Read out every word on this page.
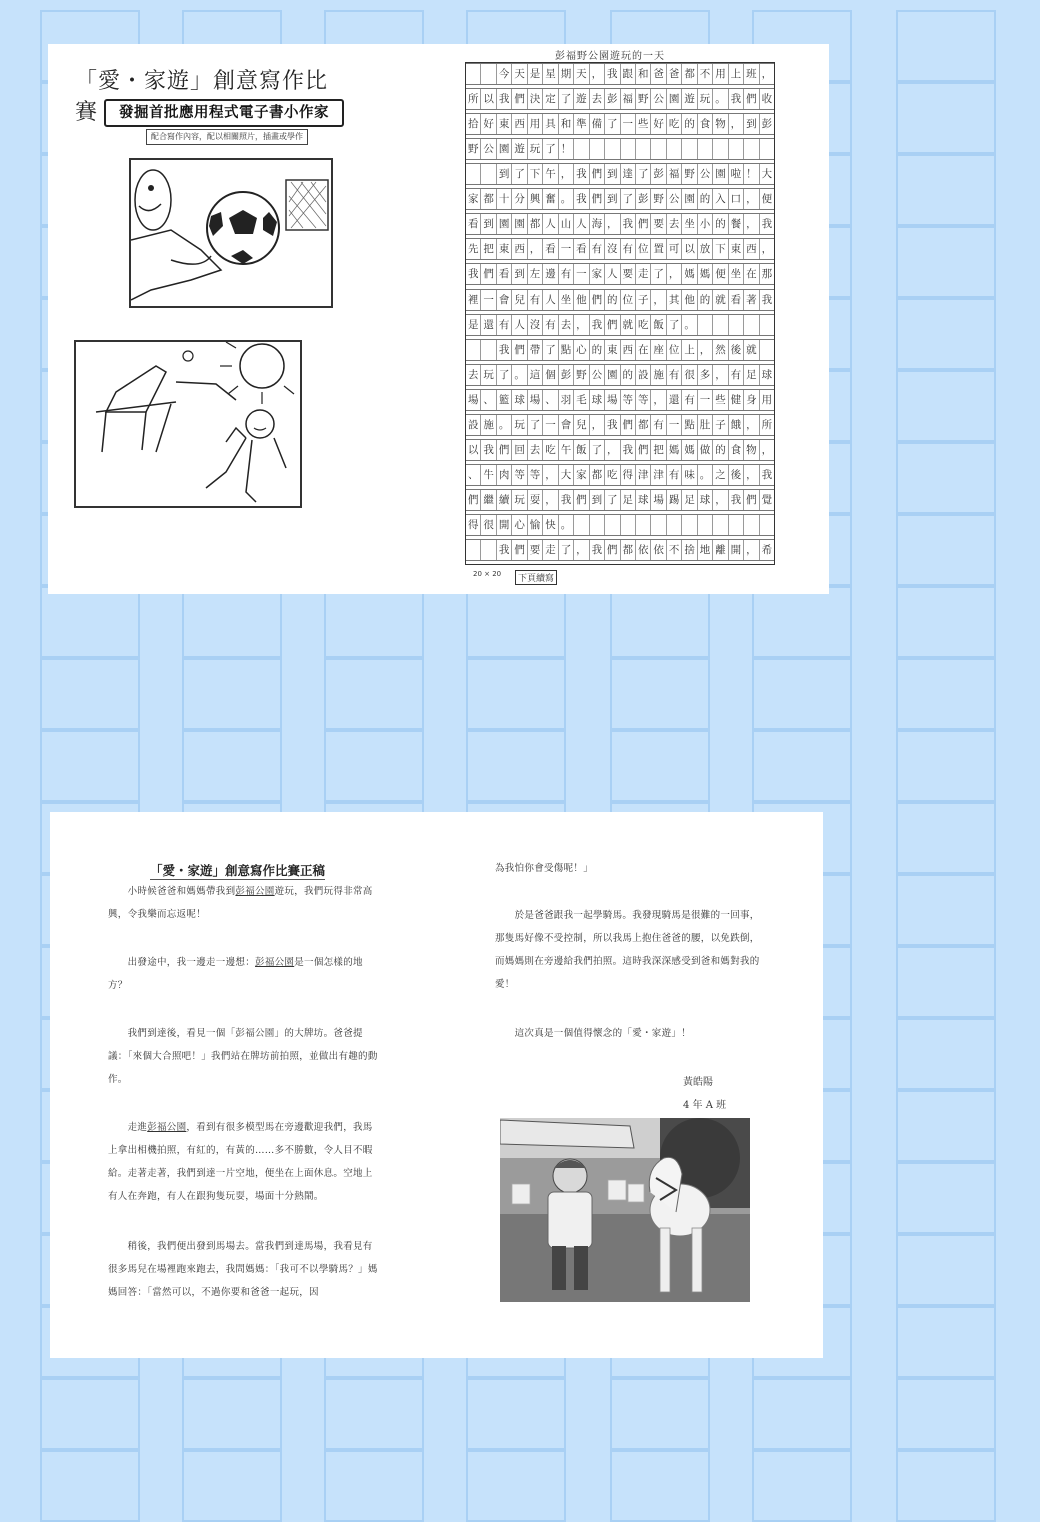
「愛・家遊」創意寫作比賽	發掘首批應用程式電子書小作家
配合寫作內容，配以相關照片，插畫或學作
彭福野公園遊玩的一天
今 天 是 星 期 天 ， 我 跟 和 爸 爸 都 不 用 上 班 ，
所 以 我 們 決 定 了 遊 去 彭 福 野 公 園 遊 玩 。 我 們 收
拾 好 東 西 用 具 和 準 備 了 一 些 好 吃 的 食 物 ， 到 彭
野 公 園 遊 玩 了 ！
到 了 下 午 ， 我 們 到 達 了 彭 福 野 公 園 啦 ！ 大
家 都 十 分 興 奮 。 我 們 到 了 彭 野 公 園 的 入 口 ， 便
看 到 園 園 都 人 山 人 海 ， 我 們 要 去 坐 小 的 餐 ， 我
先 把 東 西 ， 看 一 看 有 沒 有 位 置 可 以 放 下 東 西 ，
我 們 看 到 左 邊 有 一 家 人 要 走 了 ， 媽 媽 便 坐 在 那
裡 一 會 兒 有 人 坐 他 們 的 位 子 ， 其 他 的 就 看 著 我
是 還 有 人 沒 有 去 ， 我 們 就 吃 飯 了 。
我 們 帶 了 點 心 的 東 西 在 座 位 上 ， 然 後 就
去 玩 了 。 這 個 彭 野 公 園 的 設 施 有 很 多 ， 有 足 球
場 、 籃 球 場 、 羽 毛 球 場 等 等 ， 還 有 一 些 健 身 用
設 施 。 玩 了 一 會 兒 ， 我 們 都 有 一 點 肚 子 餓 ， 所
以 我 們 回 去 吃 午 飯 了 ， 我 們 把 媽 媽 做 的 食 物 ，
、 牛 肉 等 等 ， 大 家 都 吃 得 津 津 有 味 。 之 後 ， 我
們 繼 續 玩 耍 ， 我 們 到 了 足 球 場 踢 足 球 ， 我 們 覺
得 很 開 心 愉 快 。
我 們 要 走 了 ， 我 們 都 依 依 不 捨 地 離 開 ， 希
20 × 20	下頁續寫
「愛・家遊」創意寫作比賽正稿
　　小時候爸爸和媽媽帶我到彭福公園遊玩，我們玩得非常高興，令我樂而忘返呢！
　　出發途中，我一邊走一邊想：彭福公園是一個怎樣的地方？
　　我們到達後，看見一個「彭福公園」的大牌坊。爸爸提議：「來個大合照吧！」我們站在牌坊前拍照，並做出有趣的動作。
　　走進彭福公園，看到有很多模型馬在旁邊歡迎我們，我馬上拿出相機拍照，有紅的，有黃的……多不勝數，令人目不暇給。走著走著，我們到達一片空地，便坐在上面休息。空地上有人在奔跑，有人在跟狗隻玩耍，場面十分熱鬧。
　　稍後，我們便出發到馬場去。當我們到達馬場，我看見有很多馬兒在場裡跑來跑去，我問媽媽：「我可不以學騎馬？」媽媽回答：「當然可以，不過你要和爸爸一起玩，因
為我怕你會受傷呢！」
　　於是爸爸跟我一起學騎馬。我發現騎馬是很難的一回事，那隻馬好像不受控制，所以我馬上抱住爸爸的腰，以免跌倒，而媽媽則在旁邊給我們拍照。這時我深深感受到爸和媽對我的愛！
　　這次真是一個值得懷念的「愛・家遊」！
黃皓陽
4 年 A 班
